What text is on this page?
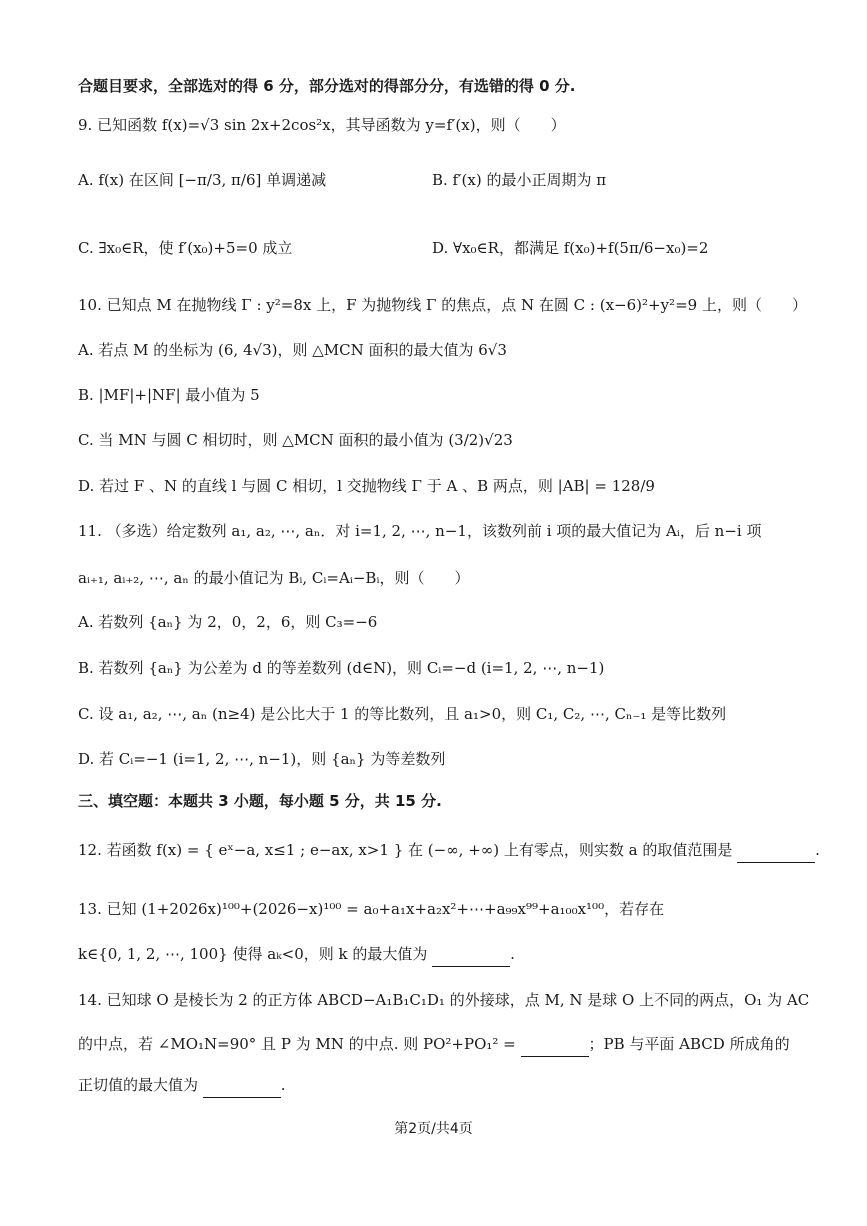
合题目要求，全部选对的得 6 分，部分选对的得部分分，有选错的得 0 分.
9. 已知函数 f(x)=√3 sin 2x+2cos²x，其导函数为 y=f′(x)，则（　　）
A. f(x) 在区间 [−π/3, π/6] 单调递减	B. f′(x) 的最小正周期为 π
C. ∃x₀∈R，使 f′(x₀)+5=0 成立	D. ∀x₀∈R，都满足 f(x₀)+f(5π/6−x₀)=2
10. 已知点 M 在抛物线 Γ : y²=8x 上，F 为抛物线 Γ 的焦点，点 N 在圆 C : (x−6)²+y²=9 上，则（　　）
A. 若点 M 的坐标为 (6, 4√3)，则 △MCN 面积的最大值为 6√3
B. |MF|+|NF| 最小值为 5
C. 当 MN 与圆 C 相切时，则 △MCN 面积的最小值为 (3/2)√23
D. 若过 F 、N 的直线 l 与圆 C 相切，l 交抛物线 Γ 于 A 、B 两点，则 |AB| = 128/9
11. （多选）给定数列 a₁, a₂, ⋯, aₙ．对 i=1, 2, ⋯, n−1，该数列前 i 项的最大值记为 Aᵢ，后 n−i 项
aᵢ₊₁, aᵢ₊₂, ⋯, aₙ 的最小值记为 Bᵢ, Cᵢ=Aᵢ−Bᵢ，则（　　）
A. 若数列 {aₙ} 为 2，0，2，6，则 C₃=−6
B. 若数列 {aₙ} 为公差为 d 的等差数列 (d∈N)，则 Cᵢ=−d (i=1, 2, ⋯, n−1)
C. 设 a₁, a₂, ⋯, aₙ (n≥4) 是公比大于 1 的等比数列，且 a₁>0，则 C₁, C₂, ⋯, Cₙ₋₁ 是等比数列
D. 若 Cᵢ=−1 (i=1, 2, ⋯, n−1)，则 {aₙ} 为等差数列
三、填空题：本题共 3 小题，每小题 5 分，共 15 分.
12. 若函数 f(x) = { eˣ−a, x≤1 ; e−ax, x>1 } 在 (−∞, +∞) 上有零点，则实数 a 的取值范围是	.
13. 已知 (1+2026x)¹⁰⁰+(2026−x)¹⁰⁰ = a₀+a₁x+a₂x²+⋯+a₉₉x⁹⁹+a₁₀₀x¹⁰⁰，若存在
k∈{0, 1, 2, ⋯, 100} 使得 aₖ<0，则 k 的最大值为	.
14. 已知球 O 是棱长为 2 的正方体 ABCD−A₁B₁C₁D₁ 的外接球，点 M, N 是球 O 上不同的两点，O₁ 为 AC
的中点，若 ∠MO₁N=90° 且 P 为 MN 的中点. 则 PO²+PO₁² =	；PB 与平面 ABCD 所成角的
正切值的最大值为	.
第2页/共4页
